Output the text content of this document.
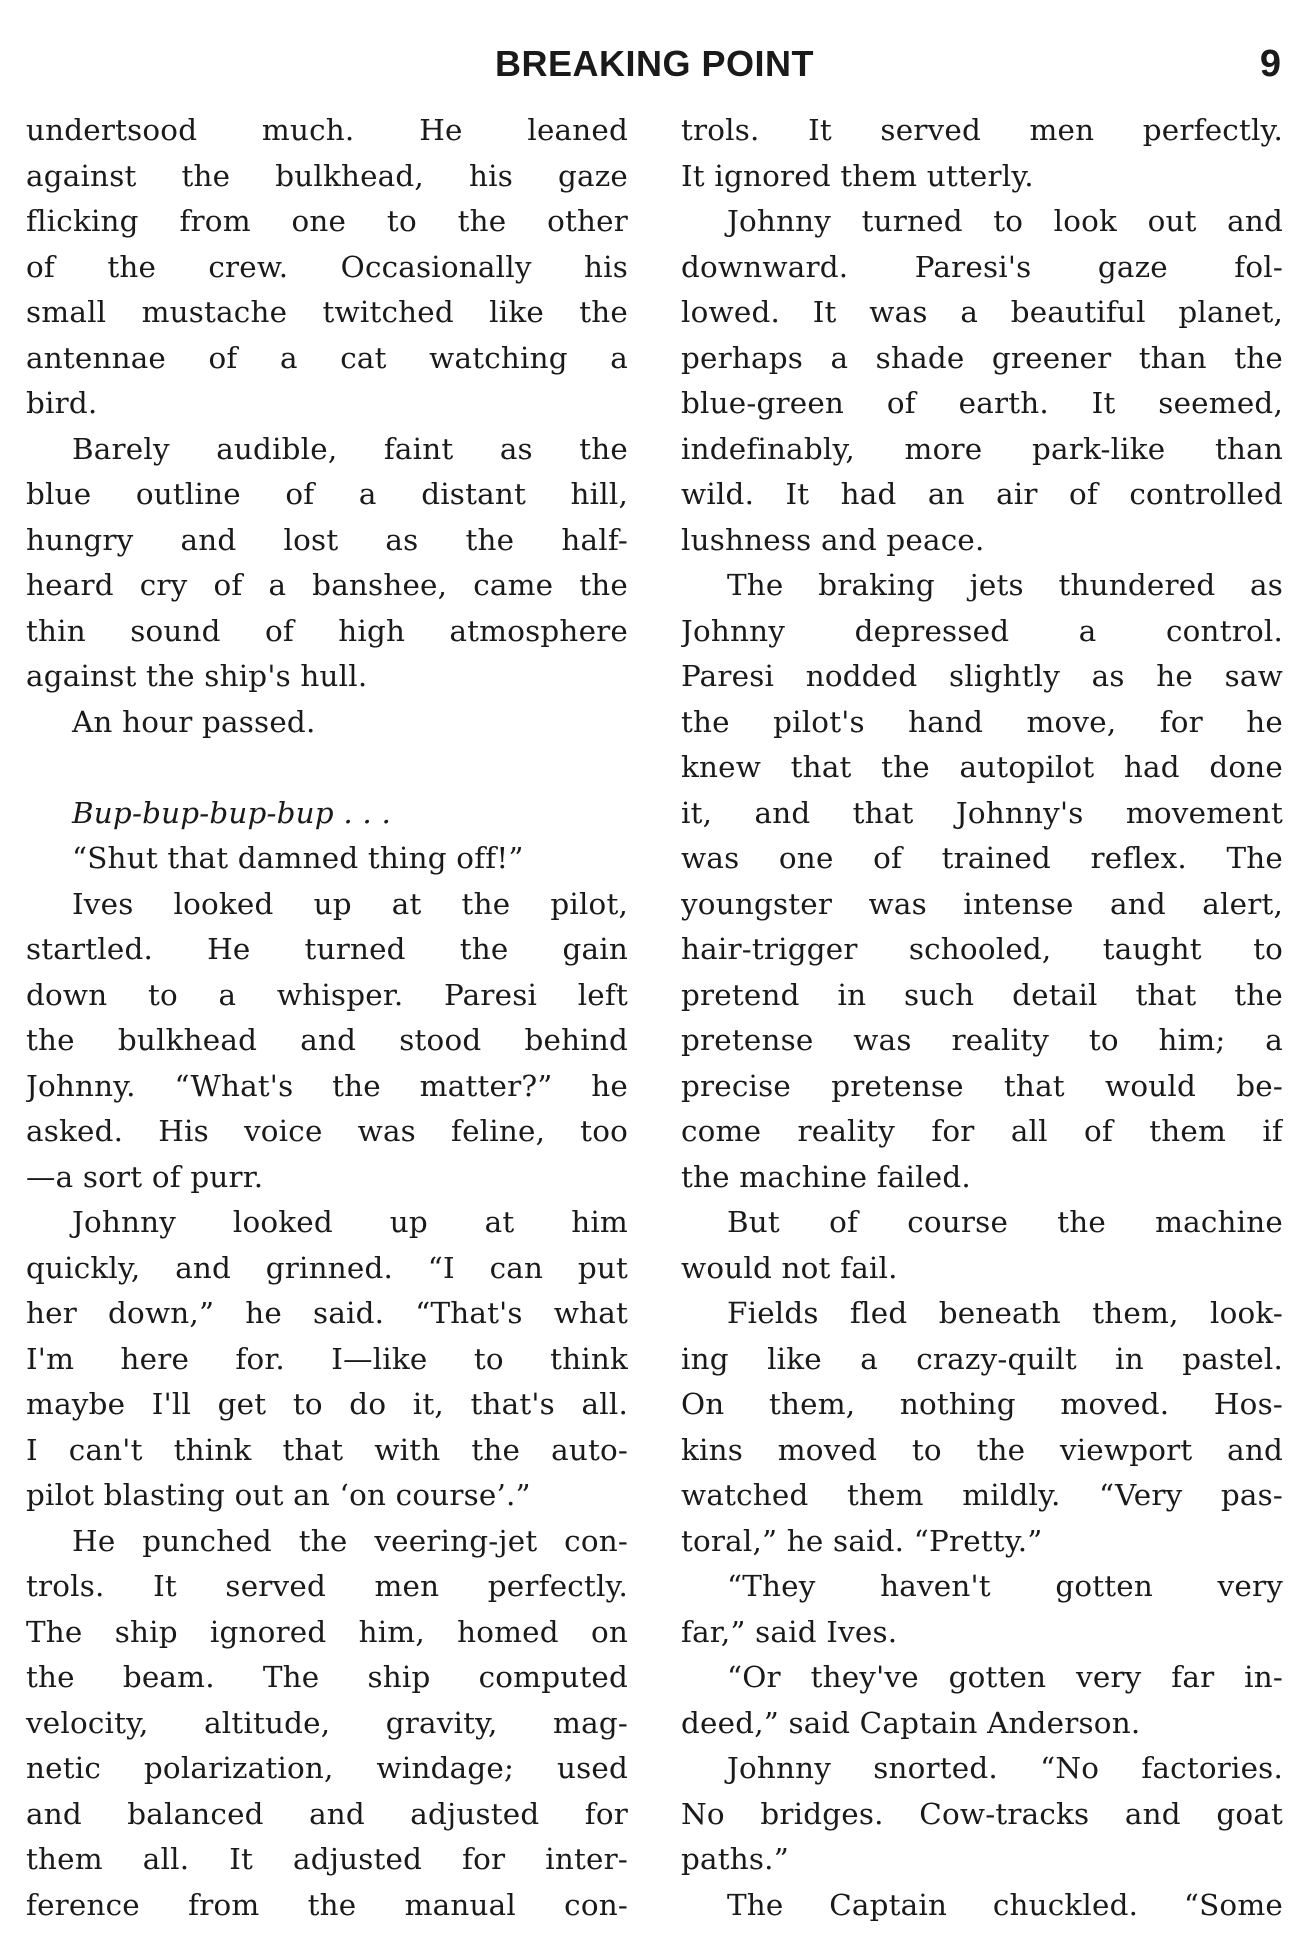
BREAKING POINT	9
undertsood much. He leaned
against the bulkhead, his gaze
flicking from one to the other
of the crew. Occasionally his
small mustache twitched like the
antennae of a cat watching a
bird.
Barely audible, faint as the
blue outline of a distant hill,
hungry and lost as the half-
heard cry of a banshee, came the
thin sound of high atmosphere
against the ship's hull.
An hour passed.
Bup-bup-bup-bup . . .
“Shut that damned thing off!”
Ives looked up at the pilot,
startled. He turned the gain
down to a whisper. Paresi left
the bulkhead and stood behind
Johnny. “What's the matter?” he
asked. His voice was feline, too
—a sort of purr.
Johnny looked up at him
quickly, and grinned. “I can put
her down,” he said. “That's what
I'm here for. I—like to think
maybe I'll get to do it, that's all.
I can't think that with the auto-
pilot blasting out an ‘on course’.”
He punched the veering-jet con-
trols. It served men perfectly.
The ship ignored him, homed on
the beam. The ship computed
velocity, altitude, gravity, mag-
netic polarization, windage; used
and balanced and adjusted for
them all. It adjusted for inter-
ference from the manual con-
trols. It served men perfectly.
It ignored them utterly.
Johnny turned to look out and
downward. Paresi's gaze fol-
lowed. It was a beautiful planet,
perhaps a shade greener than the
blue-green of earth. It seemed,
indefinably, more park-like than
wild. It had an air of controlled
lushness and peace.
The braking jets thundered as
Johnny depressed a control.
Paresi nodded slightly as he saw
the pilot's hand move, for he
knew that the autopilot had done
it, and that Johnny's movement
was one of trained reflex. The
youngster was intense and alert,
hair-trigger schooled, taught to
pretend in such detail that the
pretense was reality to him; a
precise pretense that would be-
come reality for all of them if
the machine failed.
But of course the machine
would not fail.
Fields fled beneath them, look-
ing like a crazy-quilt in pastel.
On them, nothing moved. Hos-
kins moved to the viewport and
watched them mildly. “Very pas-
toral,” he said. “Pretty.”
“They haven't gotten very
far,” said Ives.
“Or they've gotten very far in-
deed,” said Captain Anderson.
Johnny snorted. “No factories.
No bridges. Cow-tracks and goat
paths.”
The Captain chuckled. “Some
